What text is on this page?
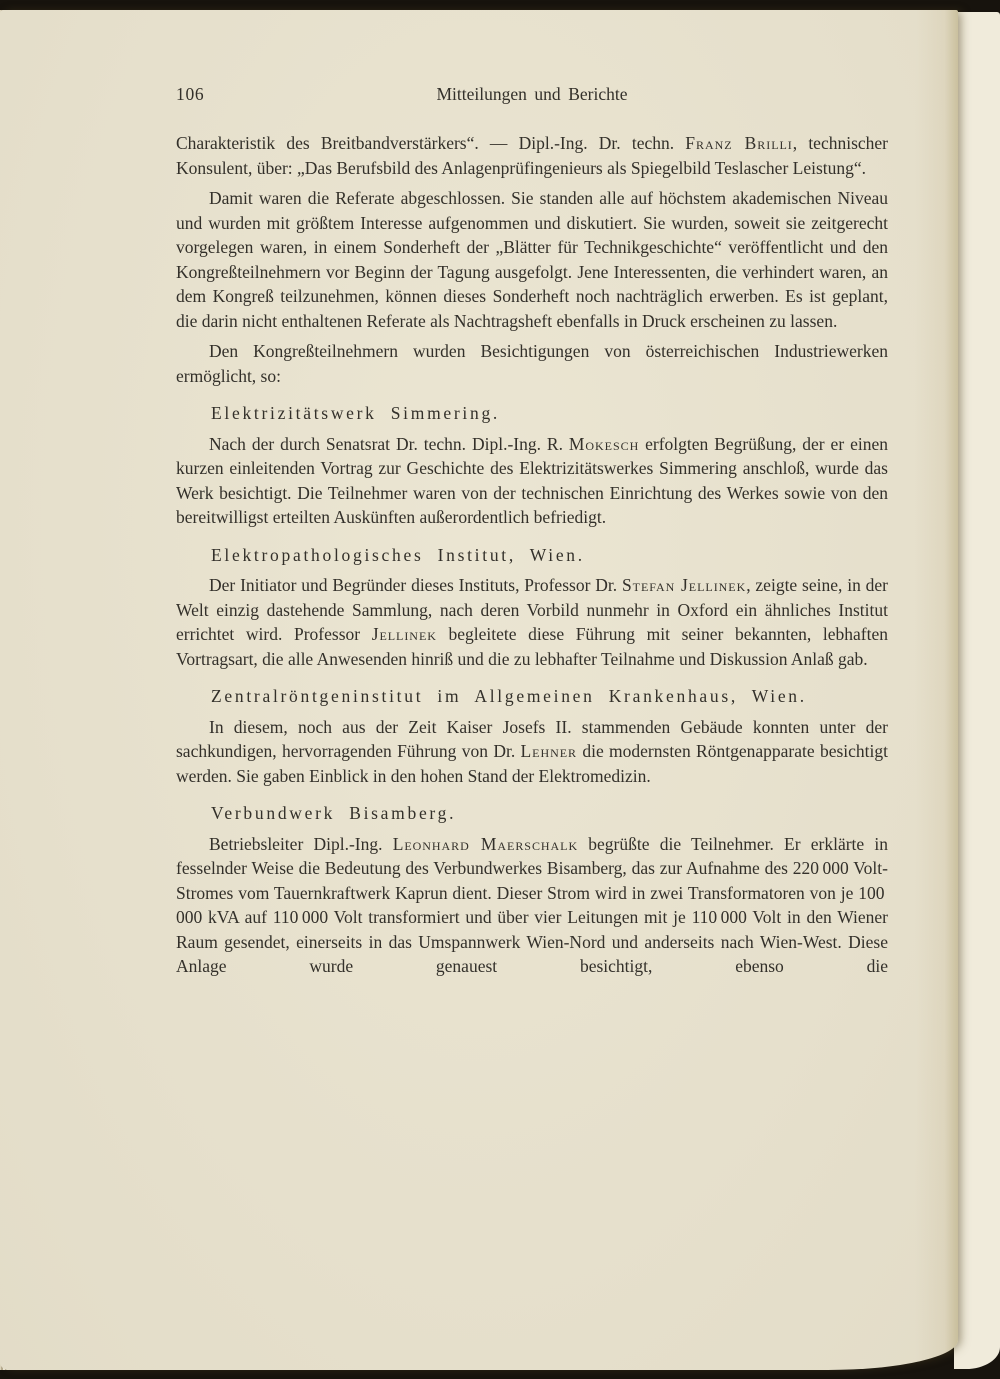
106	Mitteilungen und Berichte

Charakteristik des Breitbandverstärkers“. — Dipl.-Ing. Dr. techn. Franz Brilli, technischer Konsulent, über: „Das Berufsbild des Anlagenprüfingenieurs als Spiegelbild Teslascher Leistung“.

Damit waren die Referate abgeschlossen. Sie standen alle auf höchstem akademischen Niveau und wurden mit größtem Interesse aufgenommen und diskutiert. Sie wurden, soweit sie zeitgerecht vorgelegen waren, in einem Sonderheft der „Blätter für Technikgeschichte“ veröffentlicht und den Kongreßteilnehmern vor Beginn der Tagung ausgefolgt. Jene Interessenten, die verhindert waren, an dem Kongreß teilzunehmen, können dieses Sonderheft noch nachträglich erwerben. Es ist geplant, die darin nicht enthaltenen Referate als Nachtragsheft ebenfalls in Druck erscheinen zu lassen.

Den Kongreßteilnehmern wurden Besichtigungen von österreichischen Industriewerken ermöglicht, so:

Elektrizitätswerk Simmering.

Nach der durch Senatsrat Dr. techn. Dipl.-Ing. R. Mokesch erfolgten Begrüßung, der er einen kurzen einleitenden Vortrag zur Geschichte des Elektrizitätswerkes Simmering anschloß, wurde das Werk besichtigt. Die Teilnehmer waren von der technischen Einrichtung des Werkes sowie von den bereitwilligst erteilten Auskünften außerordentlich befriedigt.

Elektropathologisches Institut, Wien.

Der Initiator und Begründer dieses Instituts, Professor Dr. Stefan Jellinek, zeigte seine, in der Welt einzig dastehende Sammlung, nach deren Vorbild nunmehr in Oxford ein ähnliches Institut errichtet wird. Professor Jellinek begleitete diese Führung mit seiner bekannten, lebhaften Vortragsart, die alle Anwesenden hinriß und die zu lebhafter Teilnahme und Diskussion Anlaß gab.

Zentralröntgeninstitut im Allgemeinen Krankenhaus, Wien.

In diesem, noch aus der Zeit Kaiser Josefs II. stammenden Gebäude konnten unter der sachkundigen, hervorragenden Führung von Dr. Lehner die modernsten Röntgenapparate besichtigt werden. Sie gaben Einblick in den hohen Stand der Elektromedizin.

Verbundwerk Bisamberg.

Betriebsleiter Dipl.-Ing. Leonhard Maerschalk begrüßte die Teilnehmer. Er erklärte in fesselnder Weise die Bedeutung des Verbundwerkes Bisamberg, das zur Aufnahme des 220 000 Volt-Stromes vom Tauernkraftwerk Kaprun dient. Dieser Strom wird in zwei Transformatoren von je 100 000 kVA auf 110 000 Volt transformiert und über vier Leitungen mit je 110 000 Volt in den Wiener Raum gesendet, einerseits in das Umspannwerk Wien-Nord und anderseits nach Wien-West. Diese Anlage wurde genauest besichtigt, ebenso die
